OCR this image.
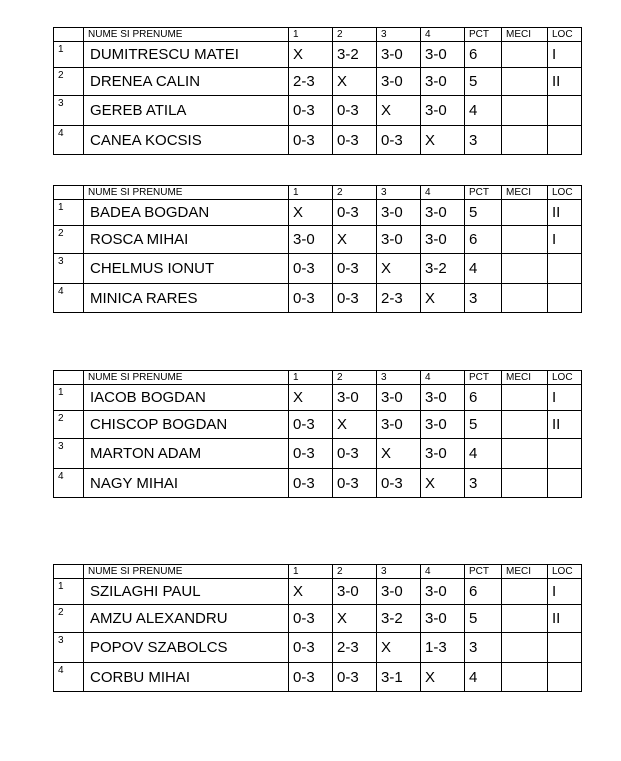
	NUME SI PRENUME	1	2	3	4	PCT	MECI	LOC
1	DUMITRESCU MATEI	X	3-2	3-0	3-0	6		I
2	DRENEA CALIN	2-3	X	3-0	3-0	5		II
3	GEREB ATILA	0-3	0-3	X	3-0	4		
4	CANEA KOCSIS	0-3	0-3	0-3	X	3		
	NUME SI PRENUME	1	2	3	4	PCT	MECI	LOC
1	BADEA BOGDAN	X	0-3	3-0	3-0	5		II
2	ROSCA MIHAI	3-0	X	3-0	3-0	6		I
3	CHELMUS IONUT	0-3	0-3	X	3-2	4		
4	MINICA RARES	0-3	0-3	2-3	X	3		
	NUME SI PRENUME	1	2	3	4	PCT	MECI	LOC
1	IACOB BOGDAN	X	3-0	3-0	3-0	6		I
2	CHISCOP BOGDAN	0-3	X	3-0	3-0	5		II
3	MARTON ADAM	0-3	0-3	X	3-0	4		
4	NAGY MIHAI	0-3	0-3	0-3	X	3		
	NUME SI PRENUME	1	2	3	4	PCT	MECI	LOC
1	SZILAGHI PAUL	X	3-0	3-0	3-0	6		I
2	AMZU ALEXANDRU	0-3	X	3-2	3-0	5		II
3	POPOV SZABOLCS	0-3	2-3	X	1-3	3		
4	CORBU MIHAI	0-3	0-3	3-1	X	4		
